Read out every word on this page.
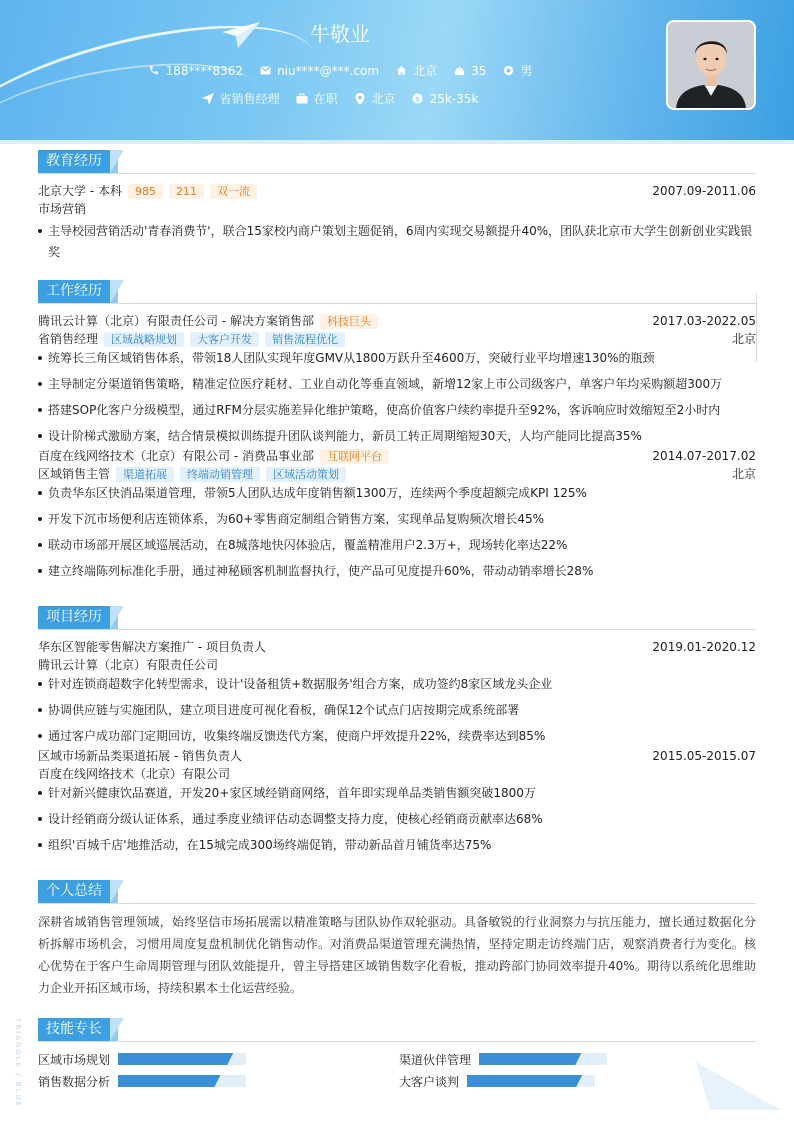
牛敬业
188****8362	niu****@***.com	北京	35	男
省销售经理	在职	北京 $ 25k-35k
教育经历
北京大学 - 本科	985	211	双一流	2007.09-2011.06
市场营销
主导校园营销活动'青春消费节'，联合15家校内商户策划主题促销，6周内实现交易额提升40%，团队获北京市大学生创新创业实践银奖
工作经历
腾讯云计算（北京）有限责任公司 - 解决方案销售部	科技巨头	2017.03-2022.05
省销售经理	区域战略规划	大客户开发	销售流程优化	北京
统筹长三角区域销售体系，带领18人团队实现年度GMV从1800万跃升至4600万，突破行业平均增速130%的瓶颈
主导制定分渠道销售策略，精准定位医疗耗材、工业自动化等垂直领域，新增12家上市公司级客户，单客户年均采购额超300万
搭建SOP化客户分级模型，通过RFM分层实施差异化维护策略，使高价值客户续约率提升至92%，客诉响应时效缩短至2小时内
设计阶梯式激励方案，结合情景模拟训练提升团队谈判能力，新员工转正周期缩短30天，人均产能同比提高35%
百度在线网络技术（北京）有限公司 - 消费品事业部	互联网平台	2014.07-2017.02
区域销售主管	渠道拓展	终端动销管理	区域活动策划	北京
负责华东区快消品渠道管理，带领5人团队达成年度销售额1300万，连续两个季度超额完成KPI 125%
开发下沉市场便利店连锁体系，为60+零售商定制组合销售方案，实现单品复购频次增长45%
联动市场部开展区域巡展活动，在8城落地快闪体验店，覆盖精准用户2.3万+，现场转化率达22%
建立终端陈列标准化手册，通过神秘顾客机制监督执行，使产品可见度提升60%，带动动销率增长28%
项目经历
华东区智能零售解决方案推广 - 项目负责人	2019.01-2020.12
腾讯云计算（北京）有限责任公司
针对连锁商超数字化转型需求，设计'设备租赁+数据服务'组合方案，成功签约8家区域龙头企业
协调供应链与实施团队，建立项目进度可视化看板，确保12个试点门店按期完成系统部署
通过客户成功部门定期回访，收集终端反馈迭代方案，使商户坪效提升22%，续费率达到85%
区域市场新品类渠道拓展 - 销售负责人	2015.05-2015.07
百度在线网络技术（北京）有限公司
针对新兴健康饮品赛道，开发20+家区域经销商网络，首年即实现单品类销售额突破1800万
设计经销商分级认证体系，通过季度业绩评估动态调整支持力度，使核心经销商贡献率达68%
组织'百城千店'地推活动，在15城完成300场终端促销，带动新品首月铺货率达75%
个人总结
深耕省域销售管理领域，始终坚信市场拓展需以精准策略与团队协作双轮驱动。具备敏锐的行业洞察力与抗压能力，擅长通过数据化分析拆解市场机会，习惯用周度复盘机制优化销售动作。对消费品渠道管理充满热情，坚持定期走访终端门店，观察消费者行为变化。核心优势在于客户生命周期管理与团队效能提升，曾主导搭建区域销售数字化看板，推动跨部门协同效率提升40%。期待以系统化思维助力企业开拓区域市场，持续积累本土化运营经验。
技能专长
区域市场规划	渠道伙伴管理
销售数据分析	大客户谈判
TRIANGLE / BLUE
